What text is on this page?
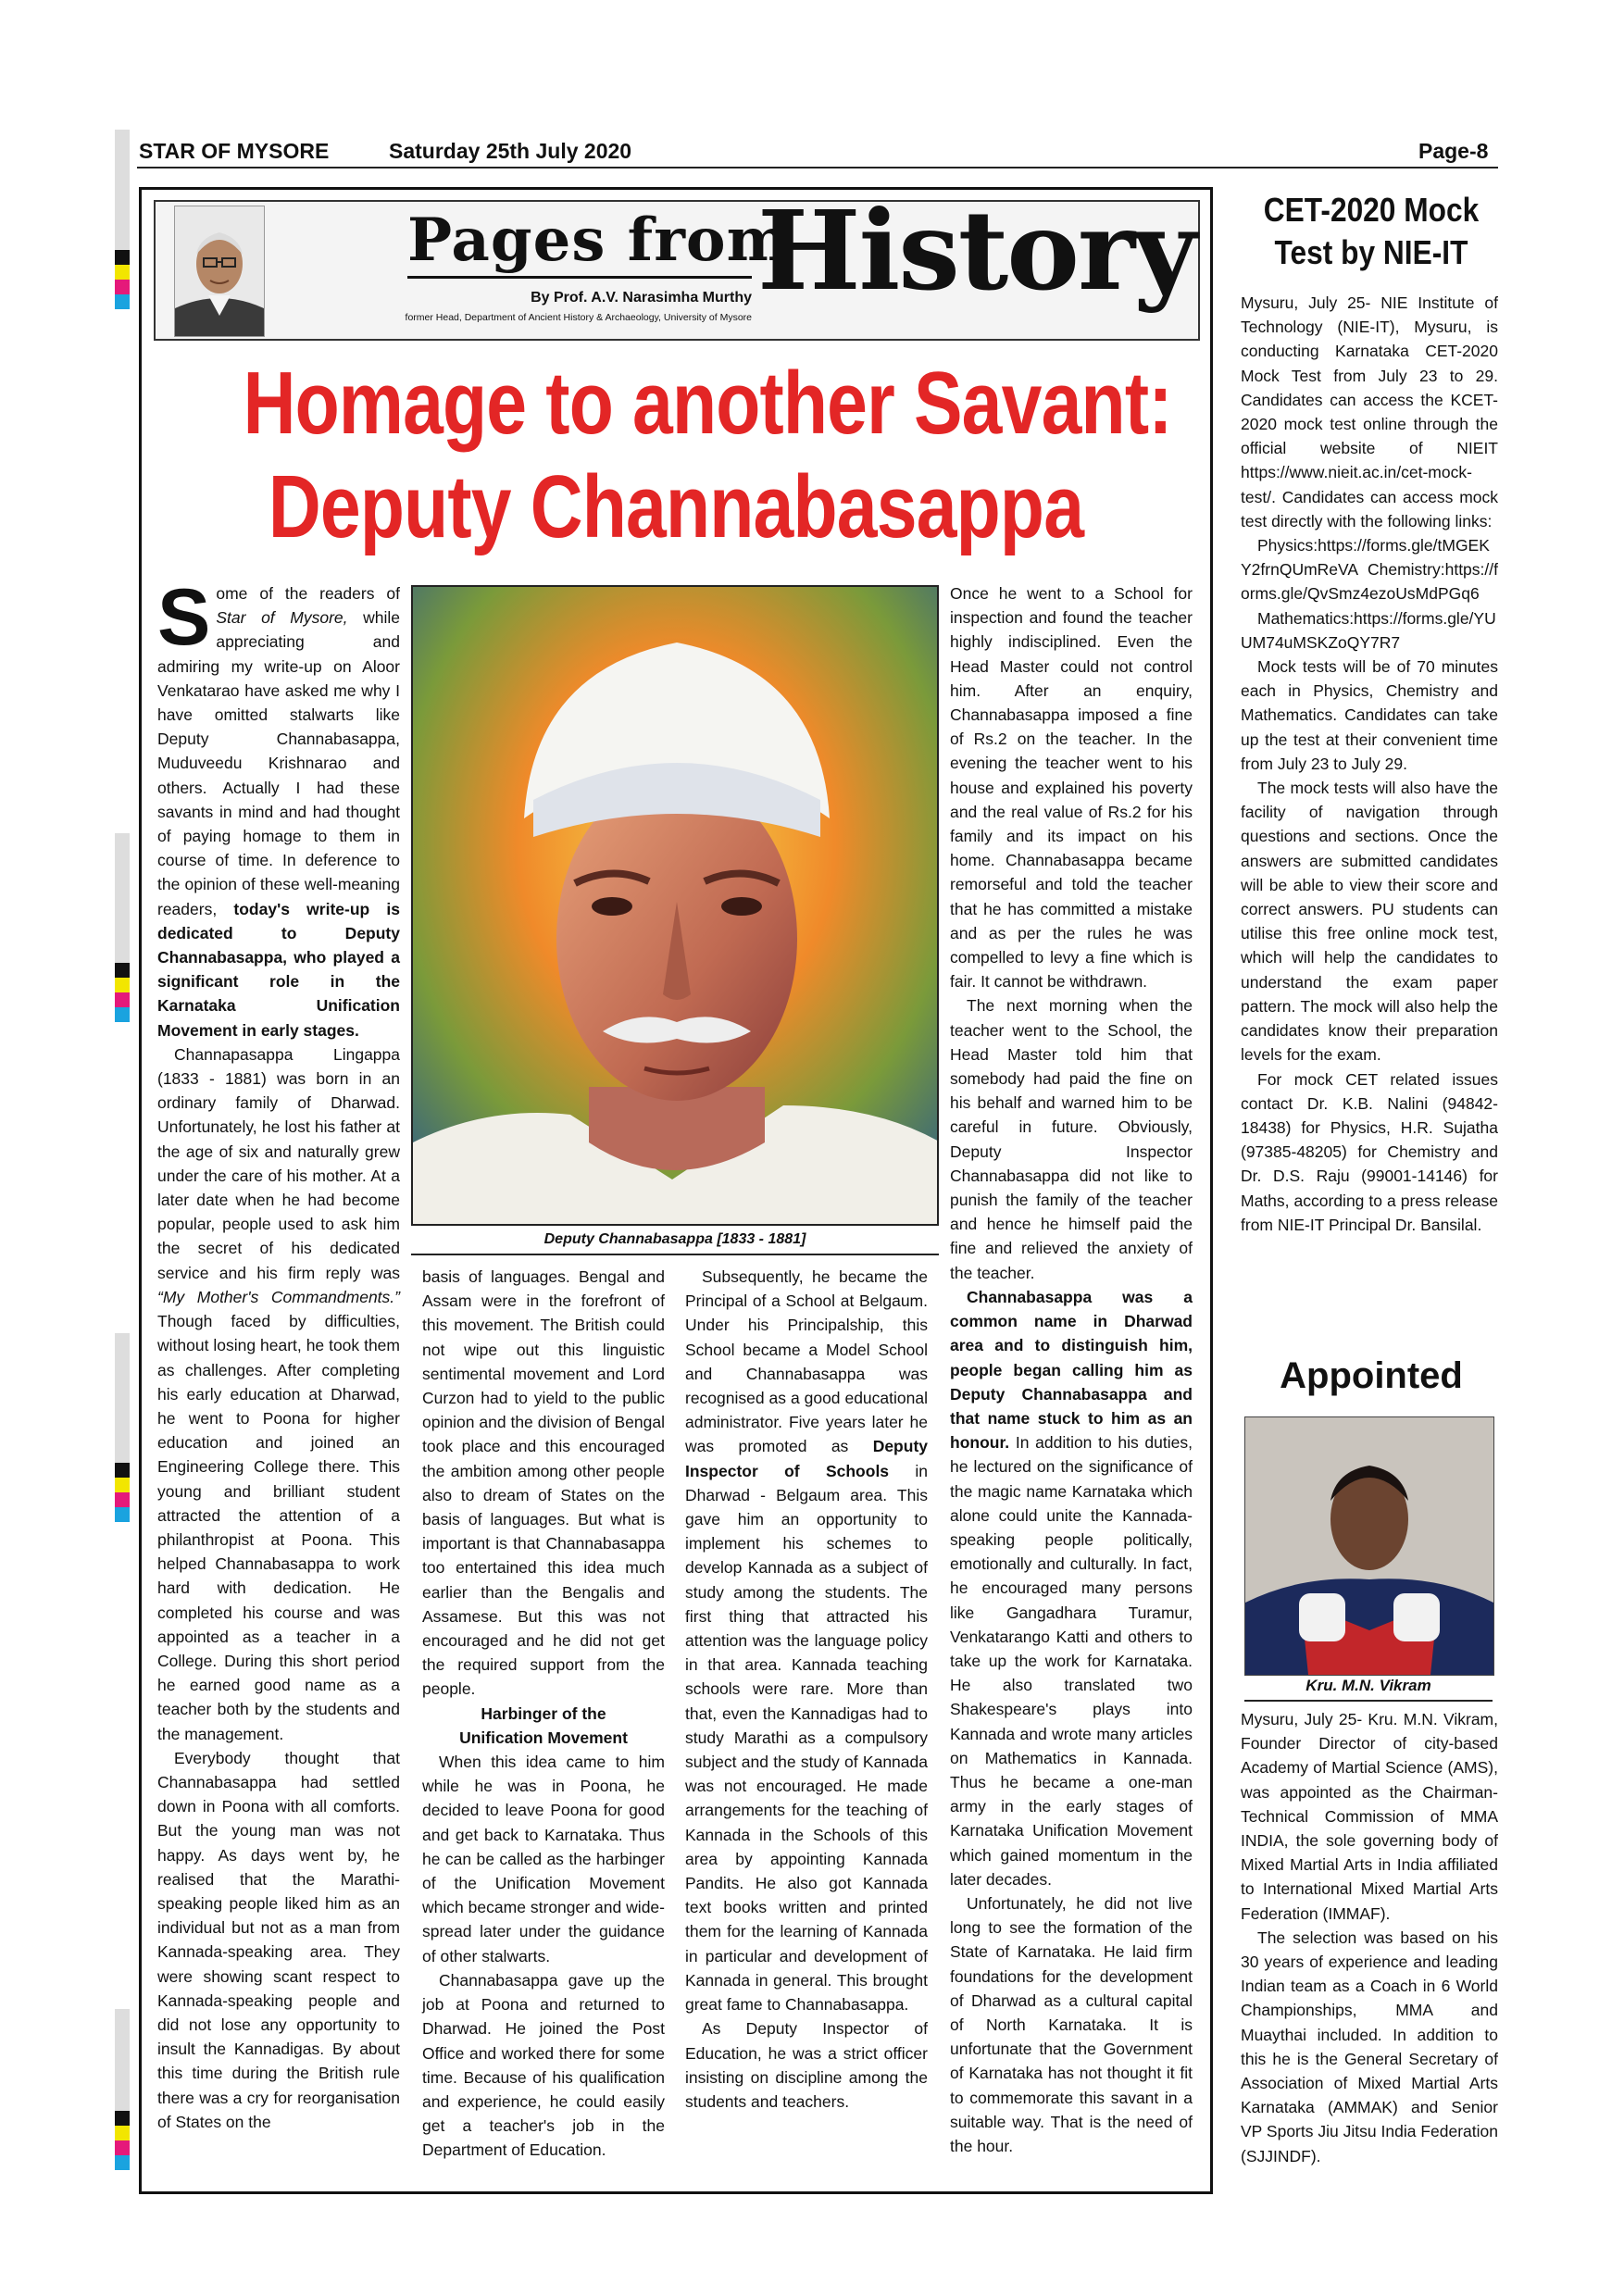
STAR OF MYSORE	Saturday 25th July 2020	Page-8
Pages from
History
By Prof. A.V. Narasimha Murthy
former Head, Department of Ancient History & Archaeology, University of Mysore
Homage to another Savant:
Deputy Channabasappa
Deputy Channabasappa [1833 - 1881]

Some of the readers of Star of Mysore, while appreciating and admiring my write-up on Aloor Venkatarao have asked me why I have omitted stalwarts like Deputy Channabasappa, Muduveedu Krishnarao and others. Actually I had these savants in mind and had thought of paying homage to them in course of time. In deference to the opinion of these well-meaning readers, today's write-up is dedicated to Deputy Channabasappa, who played a significant role in the Karnataka Unification Movement in early stages.

Channapasappa Lingappa (1833 - 1881) was born in an ordinary family of Dharwad. Unfortunately, he lost his father at the age of six and naturally grew under the care of his mother. At a later date when he had become popular, people used to ask him the secret of his dedicated service and his firm reply was “My Mother's Commandments.” Though faced by difficulties, without losing heart, he took them as challenges. After completing his early education at Dharwad, he went to Poona for higher education and joined an Engineering College there. This young and brilliant student attracted the attention of a philanthropist at Poona. This helped Channabasappa to work hard with dedication. He completed his course and was appointed as a teacher in a College. During this short period he earned good name as a teacher both by the students and the management.

Everybody thought that Channabasappa had settled down in Poona with all comforts. But the young man was not happy. As days went by, he realised that the Marathi-speaking people liked him as an individual but not as a man from Kannada-speaking area. They were showing scant respect to Kannada-speaking people and did not lose any opportunity to insult the Kannadigas. By about this time during the British rule there was a cry for reorganisation of States on the

basis of languages. Bengal and Assam were in the forefront of this movement. The British could not wipe out this linguistic sentimental movement and Lord Curzon had to yield to the public opinion and the division of Bengal took place and this encouraged the ambition among other people also to dream of States on the basis of languages. But what is important is that Channabasappa too entertained this idea much earlier than the Bengalis and Assamese. But this was not encouraged and he did not get the required support from the people.

Harbinger of the

Unification Movement

When this idea came to him while he was in Poona, he decided to leave Poona for good and get back to Karnataka. Thus he can be called as the harbinger of the Unification Movement which became stronger and wide-spread later under the guidance of other stalwarts.

Channabasappa gave up the job at Poona and returned to Dharwad. He joined the Post Office and worked there for some time. Because of his qualification and experience, he could easily get a teacher's job in the Department of Education.

Subsequently, he became the Principal of a School at Belgaum. Under his Principalship, this School became a Model School and Channabasappa was recognised as a good educational administrator. Five years later he was promoted as Deputy Inspector of Schools in Dharwad - Belgaum area. This gave him an opportunity to implement his schemes to develop Kannada as a subject of study among the students. The first thing that attracted his attention was the language policy in that area. Kannada teaching schools were rare. More than that, even the Kannadigas had to study Marathi as a compulsory subject and the study of Kannada was not encouraged. He made arrangements for the teaching of Kannada in the Schools of this area by appointing Kannada Pandits. He also got Kannada text books written and printed them for the learning of Kannada in particular and development of Kannada in general. This brought great fame to Channabasappa.

As Deputy Inspector of Education, he was a strict officer insisting on discipline among the students and teachers.

Once he went to a School for inspection and found the teacher highly indisciplined. Even the Head Master could not control him. After an enquiry, Channabasappa imposed a fine of Rs.2 on the teacher. In the evening the teacher went to his house and explained his poverty and the real value of Rs.2 for his family and its impact on his home. Channabasappa became remorseful and told the teacher that he has committed a mistake and as per the rules he was compelled to levy a fine which is fair. It cannot be withdrawn.

The next morning when the teacher went to the School, the Head Master told him that somebody had paid the fine on his behalf and warned him to be careful in future. Obviously, Deputy Inspector Channabasappa did not like to punish the family of the teacher and hence he himself paid the fine and relieved the anxiety of the teacher.

Channabasappa was a common name in Dharwad area and to distinguish him, people began calling him as Deputy Channabasappa and that name stuck to him as an honour. In addition to his duties, he lectured on the significance of the magic name Karnataka which alone could unite the Kannada-speaking people politically, emotionally and culturally. In fact, he encouraged many persons like Gangadhara Turamur, Venkatarango Katti and others to take up the work for Karnataka. He also translated two Shakespeare's plays into Kannada and wrote many articles on Mathematics in Kannada. Thus he became a one-man army in the early stages of Karnataka Unification Movement which gained momentum in the later decades.

Unfortunately, he did not live long to see the formation of the State of Karnataka. He laid firm foundations for the development of Dharwad as a cultural capital of North Karnataka. It is unfortunate that the Government of Karnataka has not thought it fit to commemorate this savant in a suitable way. That is the need of the hour.

CET-2020 Mock
Test by NIE-IT

Mysuru, July 25- NIE Institute of Technology (NIE-IT), Mysuru, is conducting Karnataka CET-2020 Mock Test from July 23 to 29. Candidates can access the KCET-2020 mock test online through the official website of NIEIT https://www.nieit.ac.in/cet-mock-test/. Candidates can access mock test directly with the following links:

Physics:https://forms.gle/tMGEKY2frnQUmReVA Chemistry:https://forms.gle/QvSmz4ezoUsMdPGq6

Mathematics:https://forms.gle/YUUM74uMSKZoQY7R7

Mock tests will be of 70 minutes each in Physics, Chemistry and Mathematics. Candidates can take up the test at their convenient time from July 23 to July 29.

The mock tests will also have the facility of navigation through questions and sections. Once the answers are submitted candidates will be able to view their score and correct answers. PU students can utilise this free online mock test, which will help the candidates to understand the exam paper pattern. The mock will also help the candidates know their preparation levels for the exam.

For mock CET related issues contact Dr. K.B. Nalini (94842-18438) for Physics, H.R. Sujatha (97385-48205) for Chemistry and Dr. D.S. Raju (99001-14146) for Maths, according to a press release from NIE-IT Principal Dr. Bansilal.

Appointed
Kru. M.N. Vikram

Mysuru, July 25- Kru. M.N. Vikram, Founder Director of city-based Academy of Martial Science (AMS), was appointed as the Chairman-Technical Commission of MMA INDIA, the sole governing body of Mixed Martial Arts in India affiliated to International Mixed Martial Arts Federation (IMMAF).

The selection was based on his 30 years of experience and leading Indian team as a Coach in 6 World Championships, MMA and Muaythai included. In addition to this he is the General Secretary of Association of Mixed Martial Arts Karnataka (AMMAK) and Senior VP Sports Jiu Jitsu India Federation (SJJINDF).
